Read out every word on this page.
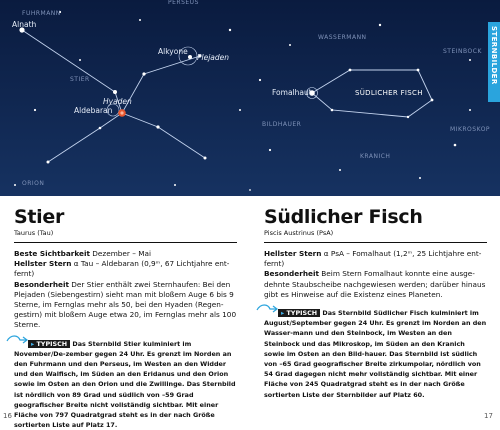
PERSEUS
FUHRMANN
STIER
ORION
WASSERMANN
STEINBOCK
SÜDLICHER FISCH
BILDHAUER
MIKROSKOP
KRANICH
Alnath
Alkyone
Plejaden
Hyaden
Aldebaran
Fomalhaut
STERNBILDER
Stier
Taurus (Tau)
Beste Sichtbarkeit Dezember – Mai
Hellster Stern α Tau – Aldebaran (0,9ᵐ, 67 Lichtjahre ent-fernt)
Besonderheit Der Stier enthält zwei Sternhaufen: Bei den Plejaden (Siebengestirn) sieht man mit bloßem Auge 6 bis 9 Sterne, im Fernglas mehr als 50, bei den Hyaden (Regen-gestirn) mit bloßem Auge etwa 20, im Fernglas mehr als 100 Sterne.
▸ TYPISCH Das Sternbild Stier kulminiert im November/De-zember gegen 24 Uhr. Es grenzt im Norden an den Fuhrmann und den Perseus, im Westen an den Widder und den Walfisch, im Süden an den Eridanus und den Orion sowie im Osten an den Orion und die Zwillinge. Das Sternbild ist nördlich von 89 Grad und südlich von –59 Grad geografischer Breite nicht vollständig sichtbar. Mit einer Fläche von 797 Quadratgrad steht es in der nach Größe sortierten Liste auf Platz 17.
Südlicher Fisch
Piscis Austrinus (PsA)
Hellster Stern α PsA – Fomalhaut (1,2ᵐ, 25 Lichtjahre ent-fernt)
Besonderheit Beim Stern Fomalhaut konnte eine ausge-dehnte Staubscheibe nachgewiesen werden; darüber hinaus gibt es Hinweise auf die Existenz eines Planeten.
▸ TYPISCH Das Sternbild Südlicher Fisch kulminiert im August/September gegen 24 Uhr. Es grenzt im Norden an den Wasser-mann und den Steinbock, im Westen an den Steinbock und das Mikroskop, im Süden an den Kranich sowie im Osten an den Bild-hauer. Das Sternbild ist südlich von –65 Grad geografischer Breite zirkumpolar, nördlich von 54 Grad dagegen nicht mehr vollständig sichtbar. Mit einer Fläche von 245 Quadratgrad steht es in der nach Größe sortierten Liste der Sternbilder auf Platz 60.
16	17
